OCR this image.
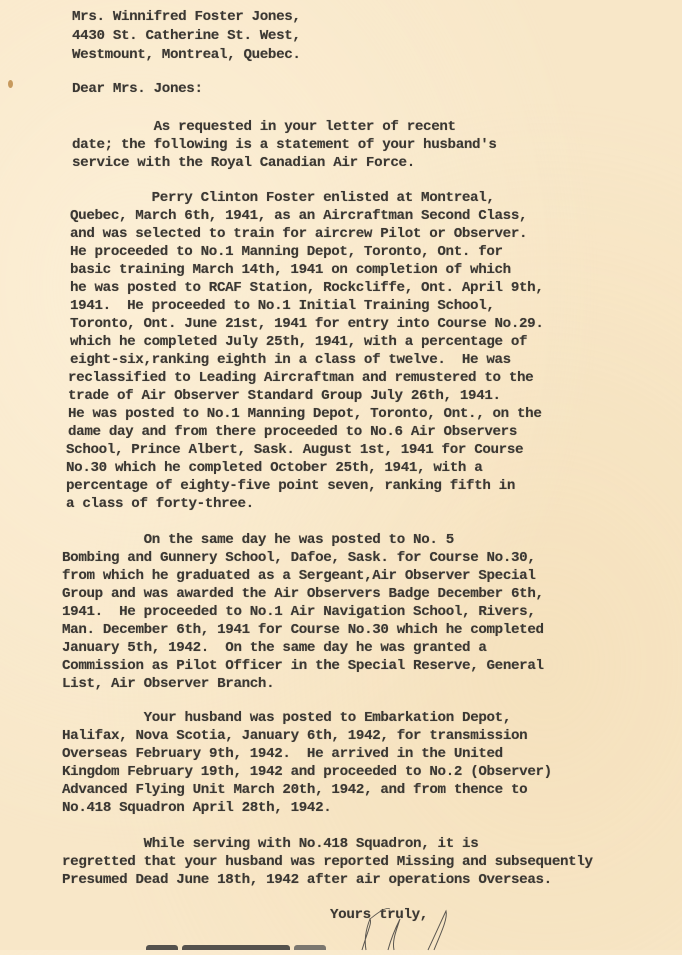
Mrs. Winnifred Foster Jones,
4430 St. Catherine St. West,
Westmount, Montreal, Quebec.
Dear Mrs. Jones:
As requested in your letter of recent
date; the following is a statement of your husband's
service with the Royal Canadian Air Force.
Perry Clinton Foster enlisted at Montreal,
Quebec, March 6th, 1941, as an Aircraftman Second Class,
and was selected to train for aircrew Pilot or Observer.
He proceeded to No.1 Manning Depot, Toronto, Ont. for
basic training March 14th, 1941 on completion of which
he was posted to RCAF Station, Rockcliffe, Ont. April 9th,
1941.  He proceeded to No.1 Initial Training School,
Toronto, Ont. June 21st, 1941 for entry into Course No.29.
which he completed July 25th, 1941, with a percentage of
eight-six,ranking eighth in a class of twelve.  He was
reclassified to Leading Aircraftman and remustered to the
trade of Air Observer Standard Group July 26th, 1941.
He was posted to No.1 Manning Depot, Toronto, Ont., on the
dame day and from there proceeded to No.6 Air Observers
School, Prince Albert, Sask. August 1st, 1941 for Course
No.30 which he completed October 25th, 1941, with a
percentage of eighty-five point seven, ranking fifth in
a class of forty-three.
On the same day he was posted to No. 5
Bombing and Gunnery School, Dafoe, Sask. for Course No.30,
from which he graduated as a Sergeant,Air Observer Special
Group and was awarded the Air Observers Badge December 6th,
1941.  He proceeded to No.1 Air Navigation School, Rivers,
Man. December 6th, 1941 for Course No.30 which he completed
January 5th, 1942.  On the same day he was granted a
Commission as Pilot Officer in the Special Reserve, General
List, Air Observer Branch.
Your husband was posted to Embarkation Depot,
Halifax, Nova Scotia, January 6th, 1942, for transmission
Overseas February 9th, 1942.  He arrived in the United
Kingdom February 19th, 1942 and proceeded to No.2 (Observer)
Advanced Flying Unit March 20th, 1942, and from thence to
No.418 Squadron April 28th, 1942.
While serving with No.418 Squadron, it is
regretted that your husband was reported Missing and subsequently
Presumed Dead June 18th, 1942 after air operations Overseas.
Yours truly,
